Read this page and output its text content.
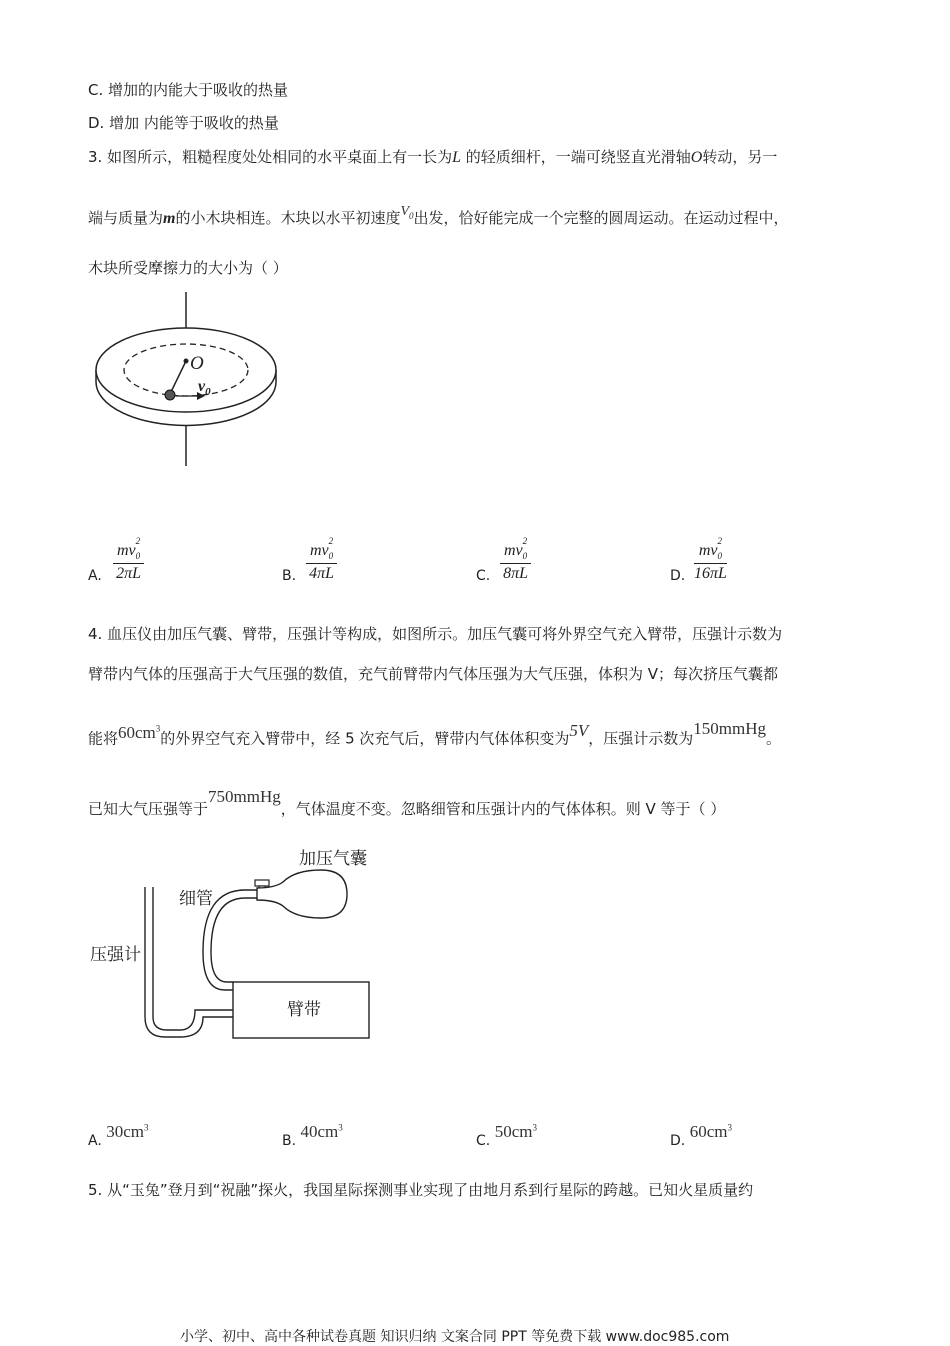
C. 增加的内能大于吸收的热量
D. 增加 内能等于吸收的热量
3. 如图所示，粗糙程度处处相同的水平桌面上有一长为L 的轻质细杆，一端可绕竖直光滑轴O转动，另一
端与质量为m的小木块相连。木块以水平初速度$V_0$出发，恰好能完成一个完整的圆周运动。在运动过程中，
木块所受摩擦力的大小为（ ）
O
$v_0$
A. $mv_0$
2
2πL	B. $mv_0$
2
4πL	C. $mv_0$
2
8πL	D. $mv_0$
2
16πL
4. 血压仪由加压气囊、臂带，压强计等构成，如图所示。加压气囊可将外界空气充入臂带，压强计示数为
臂带内气体的压强高于大气压强的数值，充气前臂带内气体压强为大气压强，体积为 V；每次挤压气囊都
能将$60cm^3$的外界空气充入臂带中，经 5 次充气后，臂带内气体体积变为5V，压强计示数为150mmHg。
已知大气压强等于750mmHg，气体温度不变。忽略细管和压强计内的气体体积。则 V 等于（ ）
加压气囊
细管
压强计
臂带
A. $30cm^3$
B. $40cm^3$
C. $50cm^3$
D. $60cm^3$
5. 从“玉兔”登月到“祝融”探火，我国星际探测事业实现了由地月系到行星际的跨越。已知火星质量约
小学、初中、高中各种试卷真题 知识归纳 文案合同 PPT 等免费下载 www.doc985.com
